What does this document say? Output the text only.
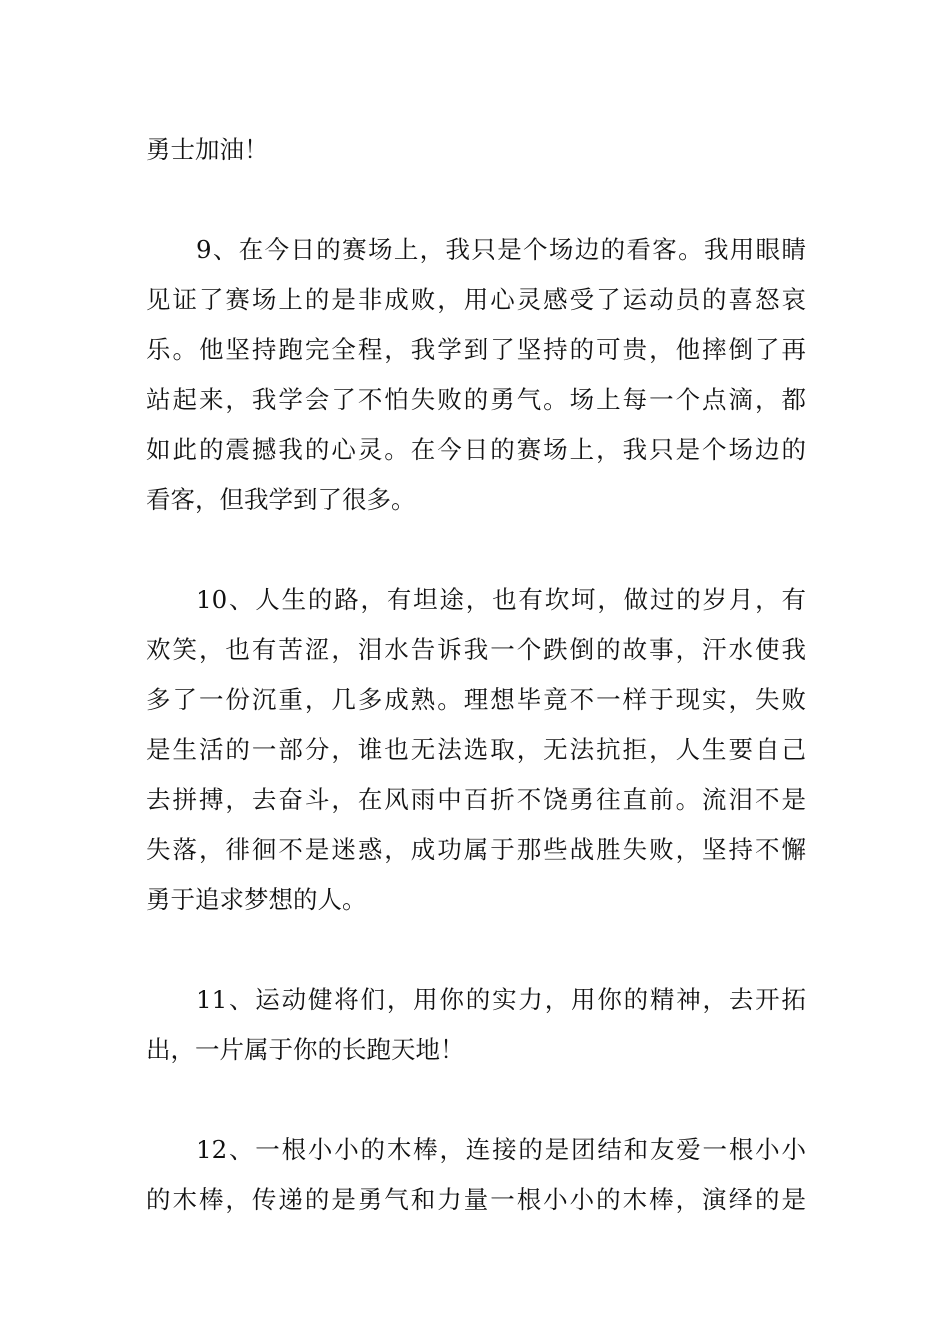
勇士加油！
9、在今日的赛场上，我只是个场边的看客。我用眼睛
见证了赛场上的是非成败，用心灵感受了运动员的喜怒哀
乐。他坚持跑完全程，我学到了坚持的可贵，他摔倒了再
站起来，我学会了不怕失败的勇气。场上每一个点滴，都
如此的震撼我的心灵。在今日的赛场上，我只是个场边的
看客，但我学到了很多。
10、人生的路，有坦途，也有坎坷，做过的岁月，有
欢笑，也有苦涩，泪水告诉我一个跌倒的故事，汗水使我
多了一份沉重，几多成熟。理想毕竟不一样于现实，失败
是生活的一部分，谁也无法选取，无法抗拒，人生要自己
去拼搏，去奋斗，在风雨中百折不饶勇往直前。流泪不是
失落，徘徊不是迷惑，成功属于那些战胜失败，坚持不懈
勇于追求梦想的人。
11、运动健将们，用你的实力，用你的精神，去开拓
出，一片属于你的长跑天地！
12、一根小小的木棒，连接的是团结和友爱一根小小
的木棒，传递的是勇气和力量一根小小的木棒，演绎的是
